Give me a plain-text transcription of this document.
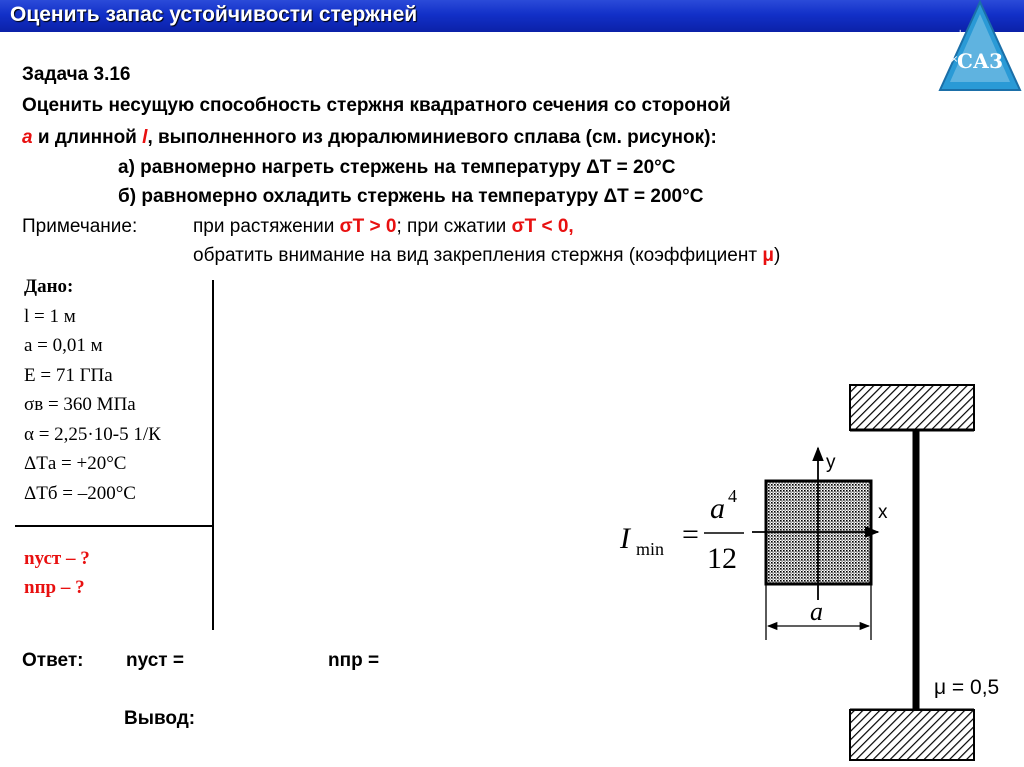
Оценить запас устойчивости стержней
+	−
×	÷
СА3
Задача 3.16
Оценить несущую способность стержня квадратного сечения со стороной
a и длинной l, выполненного из дюралюминиевого сплава (см. рисунок):
а) равномерно нагреть стержень на температуру ΔT = 20°C
б) равномерно охладить стержень на температуру ΔT = 200°C
Примечание:	при растяжении σT > 0; при сжатии σT < 0,
обратить внимание на вид закрепления стержня (коэффициент μ)
Дано:
l = 1 м
a = 0,01 м
E = 71 ГПа
σв = 360 МПа
α = 2,25·10-5 1/К
ΔTа = +20°С
ΔTб = –200°С
nуст – ?
nпр – ?
Ответ: nуст =	nпр =
Вывод:
y
x
a
I min =
a 4
12
μ = 0,5
